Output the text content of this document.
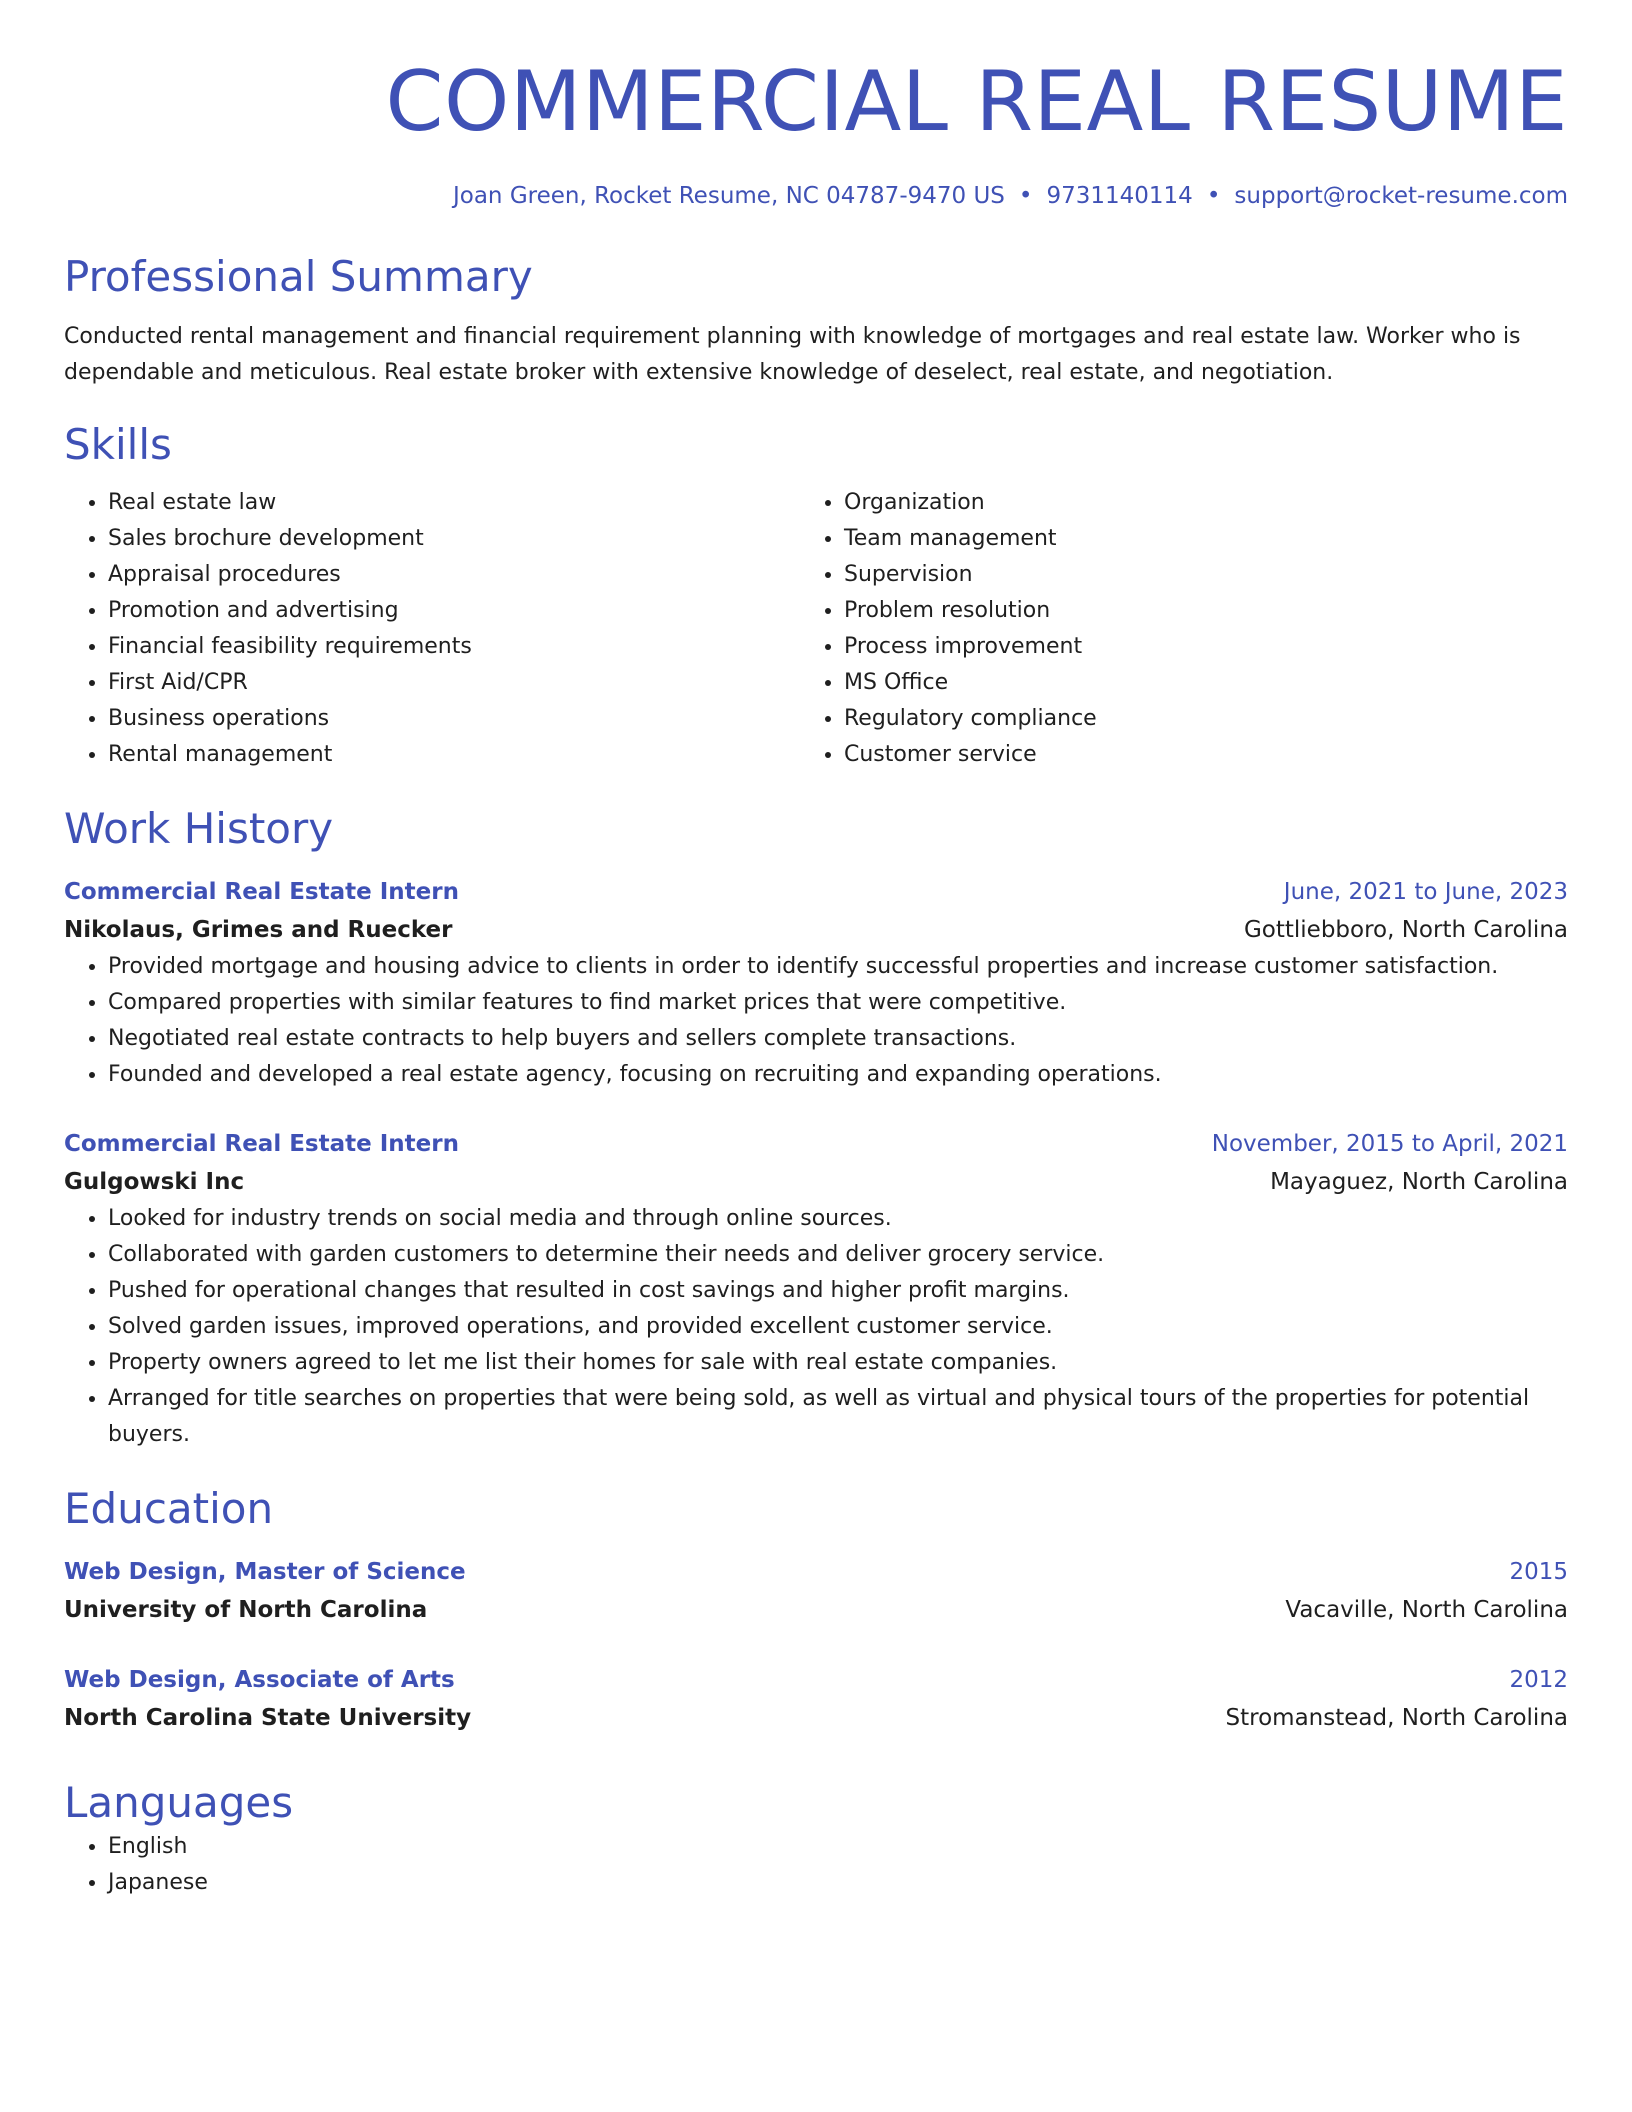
COMMERCIAL REAL RESUME
Joan Green, Rocket Resume, NC 04787-9470 US • 9731140114 • support@rocket-resume.com
Professional Summary
Conducted rental management and financial requirement planning with knowledge of mortgages and real estate law. Worker who is dependable and meticulous. Real estate broker with extensive knowledge of deselect, real estate, and negotiation.
Skills
• Real estate law
• Sales brochure development
• Appraisal procedures
• Promotion and advertising
• Financial feasibility requirements
• First Aid/CPR
• Business operations
• Rental management
• Organization
• Team management
• Supervision
• Problem resolution
• Process improvement
• MS Office
• Regulatory compliance
• Customer service
Work History
Commercial Real Estate Intern	June, 2021 to June, 2023
Nikolaus, Grimes and Ruecker	Gottliebboro, North Carolina
• Provided mortgage and housing advice to clients in order to identify successful properties and increase customer satisfaction.
• Compared properties with similar features to find market prices that were competitive.
• Negotiated real estate contracts to help buyers and sellers complete transactions.
• Founded and developed a real estate agency, focusing on recruiting and expanding operations.
Commercial Real Estate Intern	November, 2015 to April, 2021
Gulgowski Inc	Mayaguez, North Carolina
• Looked for industry trends on social media and through online sources.
• Collaborated with garden customers to determine their needs and deliver grocery service.
• Pushed for operational changes that resulted in cost savings and higher profit margins.
• Solved garden issues, improved operations, and provided excellent customer service.
• Property owners agreed to let me list their homes for sale with real estate companies.
• Arranged for title searches on properties that were being sold, as well as virtual and physical tours of the properties for potential buyers.
Education
Web Design, Master of Science	2015
University of North Carolina	Vacaville, North Carolina
Web Design, Associate of Arts	2012
North Carolina State University	Stromanstead, North Carolina
Languages
• English
• Japanese
